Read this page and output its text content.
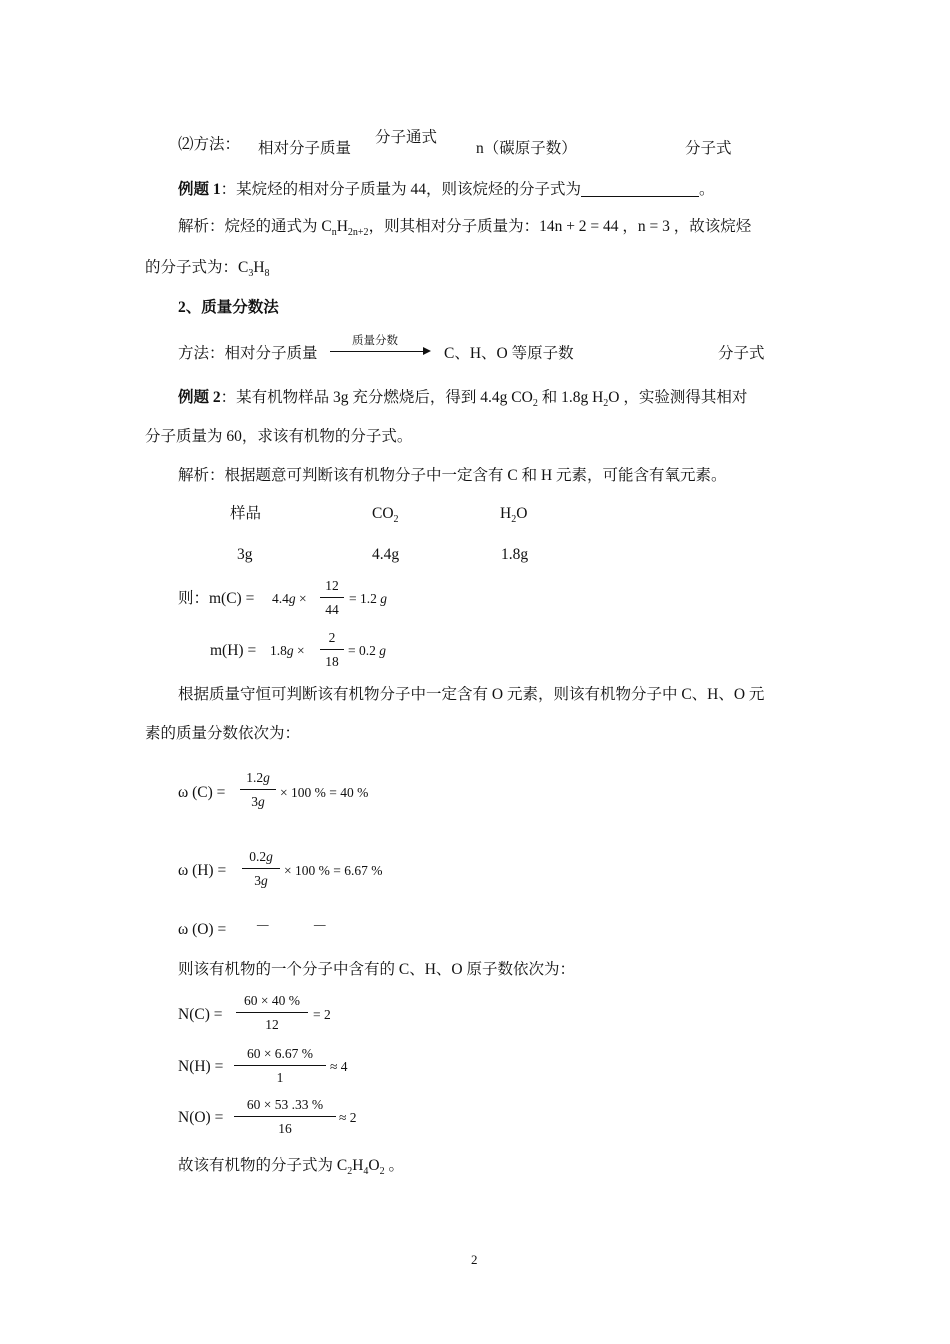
⑵方法： 相对分子质量
分子通式
n（碳原子数）	分子式
例题 1：某烷烃的相对分子质量为 44，则该烷烃的分子式为	。
解析：烷烃的通式为 $C_nH_{2n+2}$，则其相对分子质量为：14n + 2 = 44 ，n = 3 ，故该烷烃
的分子式为：$C_3H_8$
2、质量分数法
方法：相对分子质量
质量分数
C、H、O 等原子数	分子式
例题 2：某有机物样品 3g 充分燃烧后，得到 4.4g $CO_2$ 和 1.8g $H_2O$ ，实验测得其相对
分子质量为 60，求该有机物的分子式。
解析：根据题意可判断该有机物分子中一定含有 C 和 H 元素，可能含有氧元素。
样品	$CO_2$	$H_2O$
3g	4.4g	1.8g
则：m(C) = 4.4g ×
12
44
= 1.2 g
m(H) = 1.8g ×
2
18
= 0.2 g
根据质量守恒可判断该有机物分子中一定含有 O 元素，则该有机物分子中 C、H、O 元
素的质量分数依次为：
ω (C) =
1.2g
3g
× 100 % = 40 %
ω (H) =
0.2g
3g
× 100 % = 6.67 %
ω (O) = －	－
则该有机物的一个分子中含有的 C、H、O 原子数依次为：
N(C) =
60 × 40 %
12
= 2
N(H) =
60 × 6.67 %
1
≈ 4
N(O) =
60 × 53 .33 %
16
≈ 2
故该有机物的分子式为 $C_2H_4O_2$ 。
2
